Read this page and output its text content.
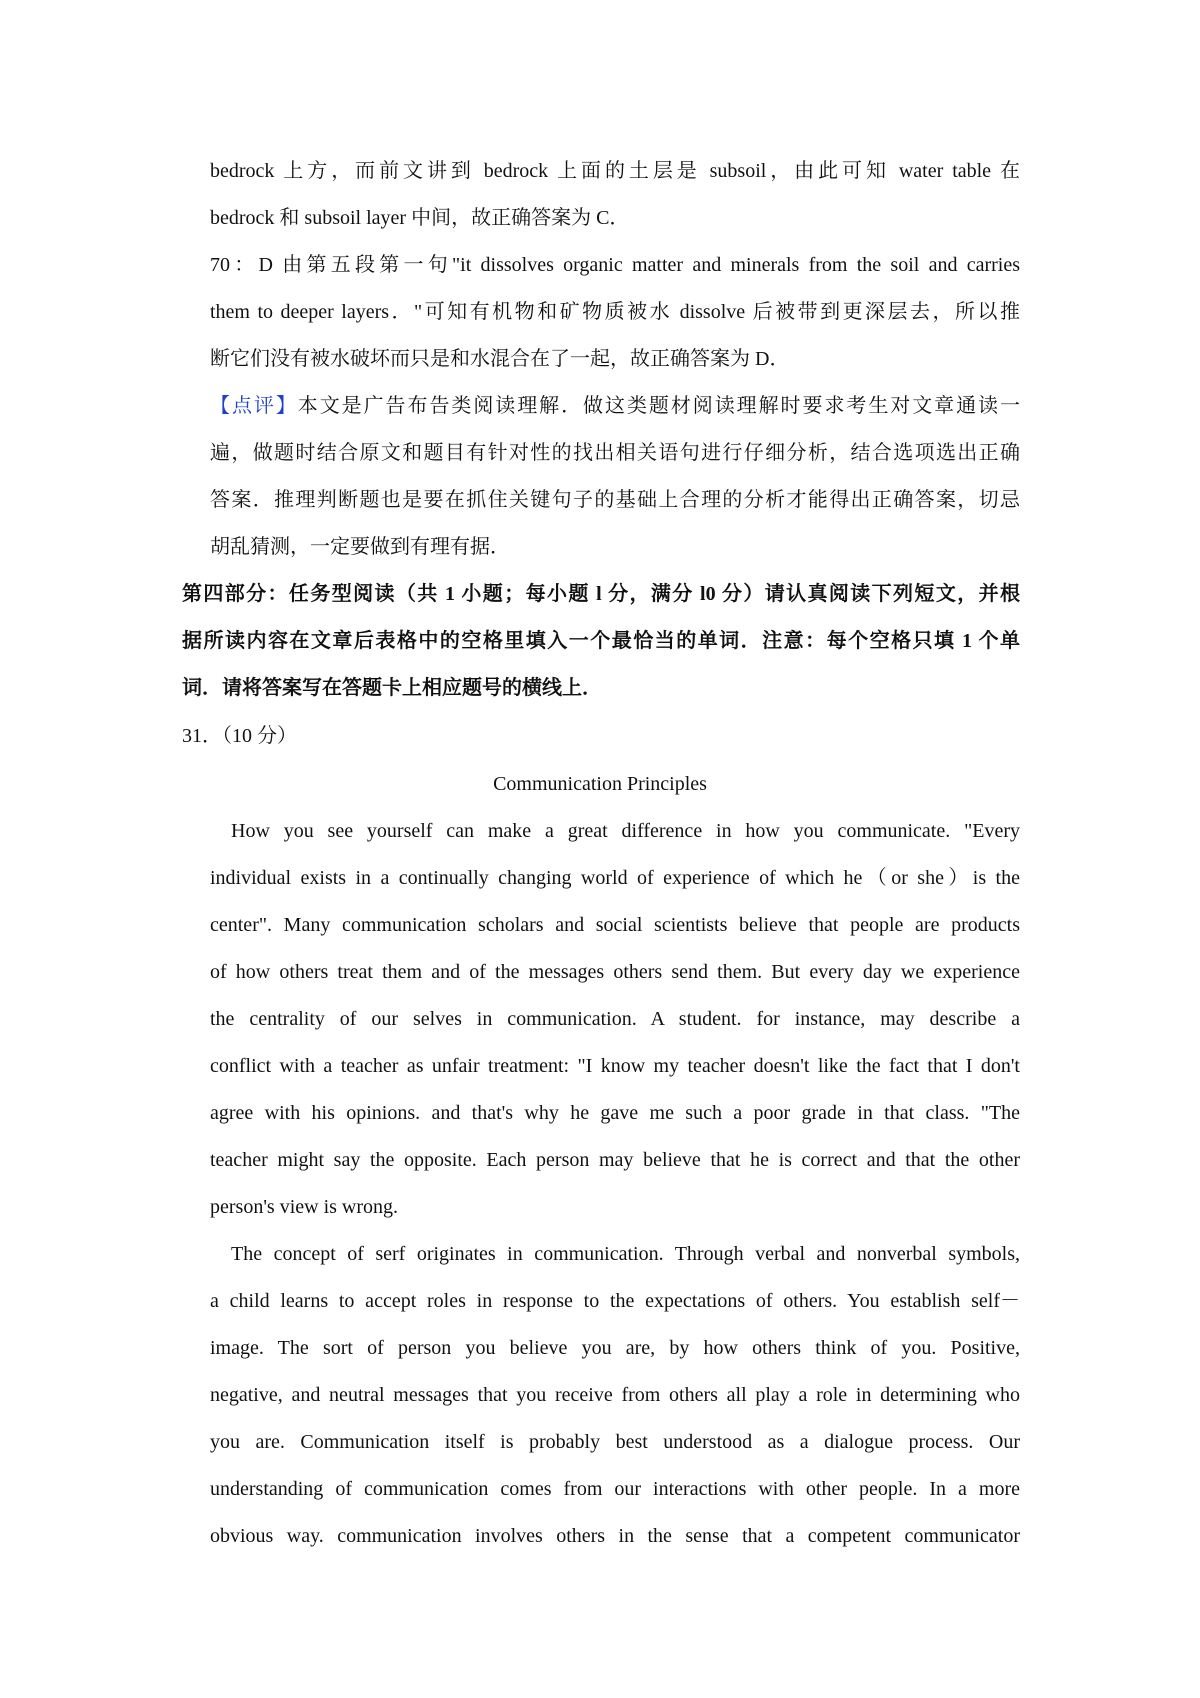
bedrock 上方，而前文讲到 bedrock 上面的土层是 subsoil，由此可知 water table 在
bedrock 和 subsoil layer 中间，故正确答案为 C．
70：D 由第五段第一句"it dissolves organic matter and minerals from the soil and carries
them to deeper layers．"可知有机物和矿物质被水 dissolve 后被带到更深层去，所以推
断它们没有被水破坏而只是和水混合在了一起，故正确答案为 D．
【点评】本文是广告布告类阅读理解．做这类题材阅读理解时要求考生对文章通读一
遍，做题时结合原文和题目有针对性的找出相关语句进行仔细分析，结合选项选出正确
答案．推理判断题也是要在抓住关键句子的基础上合理的分析才能得出正确答案，切忌
胡乱猜测，一定要做到有理有据．
第四部分：任务型阅读（共 1 小题；每小题 l 分，满分 l0 分）请认真阅读下列短文，并根
据所读内容在文章后表格中的空格里填入一个最恰当的单词．注意：每个空格只填 1 个单
词．请将答案写在答题卡上相应题号的横线上．
31．（10 分）
Communication Principles
How you see yourself can make a great difference in how you communicate. "Every
individual exists in a continually changing world of experience of which he（or she）is the
center". Many communication scholars and social scientists believe that people are products
of how others treat them and of the messages others send them. But every day we experience
the centrality of our selves in communication. A student. for instance, may describe a
conflict with a teacher as unfair treatment: "I know my teacher doesn't like the fact that I don't
agree with his opinions. and that's why he gave me such a poor grade in that class. "The
teacher might say the opposite. Each person may believe that he is correct and that the other
person's view is wrong.
The concept of serf originates in communication. Through verbal and nonverbal symbols,
a child learns to accept roles in response to the expectations of others. You establish self－
image. The sort of person you believe you are, by how others think of you. Positive,
negative, and neutral messages that you receive from others all play a role in determining who
you are. Communication itself is probably best understood as a dialogue process. Our
understanding of communication comes from our interactions with other people. In a more
obvious way. communication involves others in the sense that a competent communicator
